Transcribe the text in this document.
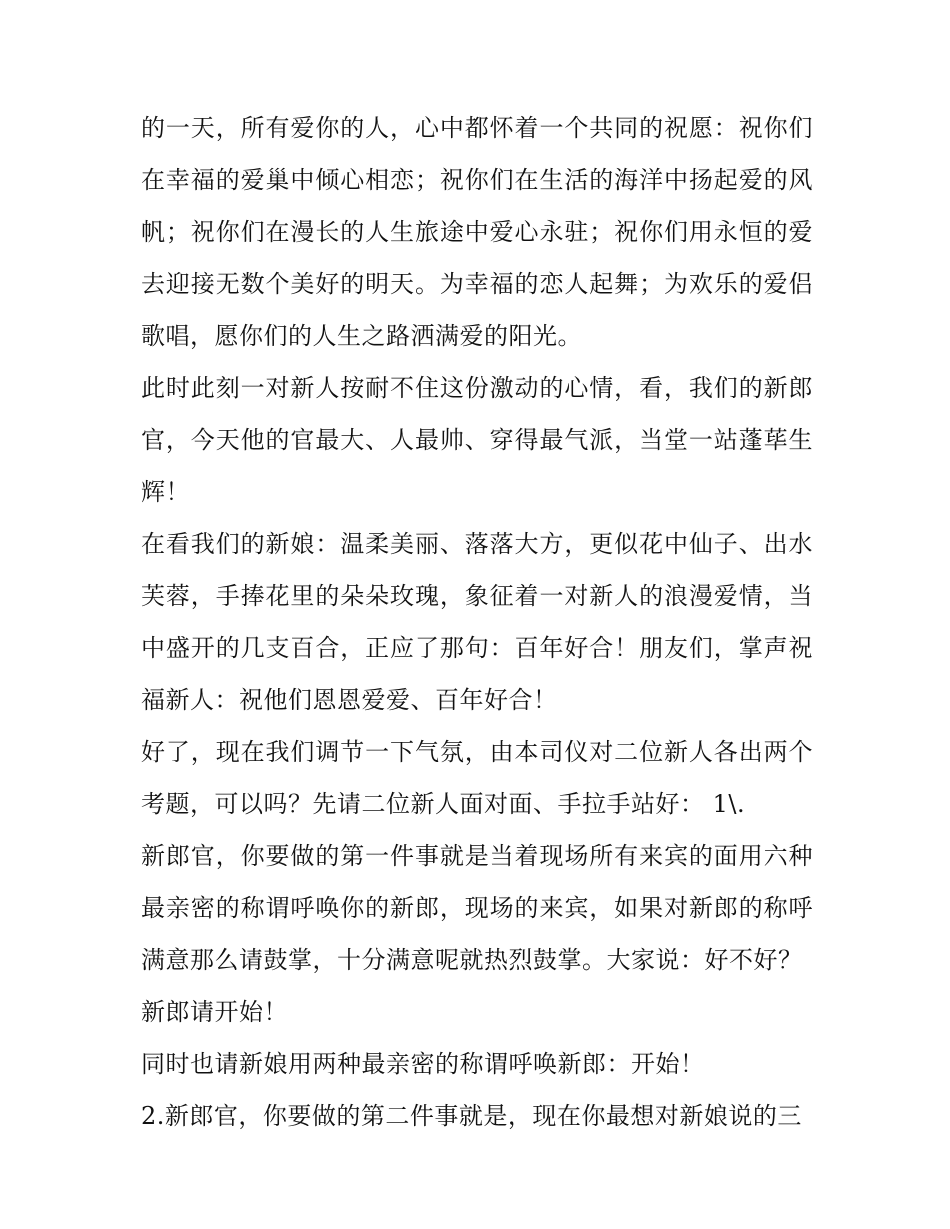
的一天，所有爱你的人，心中都怀着一个共同的祝愿：祝你们在幸福的爱巢中倾心相恋；祝你们在生活的海洋中扬起爱的风帆；祝你们在漫长的人生旅途中爱心永驻；祝你们用永恒的爱去迎接无数个美好的明天。为幸福的恋人起舞；为欢乐的爱侣歌唱，愿你们的人生之路洒满爱的阳光。

此时此刻一对新人按耐不住这份激动的心情，看，我们的新郎官，今天他的官最大、人最帅、穿得最气派，当堂一站蓬荜生辉！

在看我们的新娘：温柔美丽、落落大方，更似花中仙子、出水芙蓉，手捧花里的朵朵玫瑰，象征着一对新人的浪漫爱情，当中盛开的几支百合，正应了那句：百年好合！朋友们，掌声祝福新人：祝他们恩恩爱爱、百年好合！

好了，现在我们调节一下气氛，由本司仪对二位新人各出两个考题，可以吗？先请二位新人面对面、手拉手站好： 1\.

新郎官，你要做的第一件事就是当着现场所有来宾的面用六种最亲密的称谓呼唤你的新郎，现场的来宾，如果对新郎的称呼满意那么请鼓掌，十分满意呢就热烈鼓掌。大家说：好不好？

新郎请开始！

同时也请新娘用两种最亲密的称谓呼唤新郎：开始！

2.新郎官，你要做的第二件事就是，现在你最想对新娘说的三
